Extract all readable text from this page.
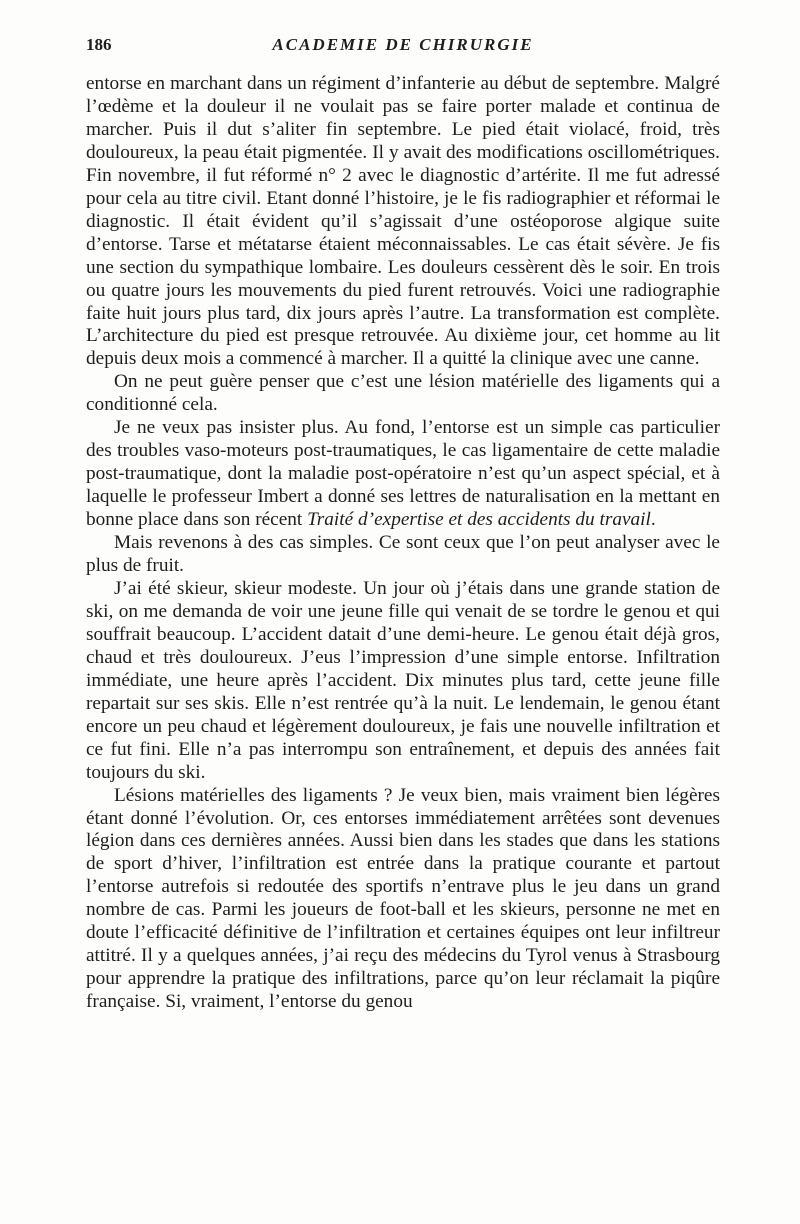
186	ACADEMIE DE CHIRURGIE

entorse en marchant dans un régiment d’infanterie au début de septembre. Malgré l’œdème et la douleur il ne voulait pas se faire porter malade et continua de marcher. Puis il dut s’aliter fin septembre. Le pied était violacé, froid, très douloureux, la peau était pigmentée. Il y avait des modifications oscillométriques. Fin novembre, il fut réformé n° 2 avec le diagnostic d’artérite. Il me fut adressé pour cela au titre civil. Etant donné l’histoire, je le fis radiographier et réformai le diagnostic. Il était évident qu’il s’agissait d’une ostéoporose algique suite d’entorse. Tarse et métatarse étaient méconnaissables. Le cas était sévère. Je fis une section du sympathique lombaire. Les douleurs cessèrent dès le soir. En trois ou quatre jours les mouvements du pied furent retrouvés. Voici une radiographie faite huit jours plus tard, dix jours après l’autre. La transformation est complète. L’architecture du pied est presque retrouvée. Au dixième jour, cet homme au lit depuis deux mois a commencé à marcher. Il a quitté la clinique avec une canne.

On ne peut guère penser que c’est une lésion matérielle des ligaments qui a conditionné cela.

Je ne veux pas insister plus. Au fond, l’entorse est un simple cas particulier des troubles vaso-moteurs post-traumatiques, le cas ligamentaire de cette maladie post-traumatique, dont la maladie post-opératoire n’est qu’un aspect spécial, et à laquelle le professeur Imbert a donné ses lettres de naturalisation en la mettant en bonne place dans son récent Traité d’expertise et des accidents du travail.

Mais revenons à des cas simples. Ce sont ceux que l’on peut analyser avec le plus de fruit.

J’ai été skieur, skieur modeste. Un jour où j’étais dans une grande station de ski, on me demanda de voir une jeune fille qui venait de se tordre le genou et qui souffrait beaucoup. L’accident datait d’une demi-heure. Le genou était déjà gros, chaud et très douloureux. J’eus l’impression d’une simple entorse. Infiltration immédiate, une heure après l’accident. Dix minutes plus tard, cette jeune fille repartait sur ses skis. Elle n’est rentrée qu’à la nuit. Le lendemain, le genou étant encore un peu chaud et légèrement douloureux, je fais une nouvelle infiltration et ce fut fini. Elle n’a pas interrompu son entraînement, et depuis des années fait toujours du ski.

Lésions matérielles des ligaments ? Je veux bien, mais vraiment bien légères étant donné l’évolution. Or, ces entorses immédiatement arrêtées sont devenues légion dans ces dernières années. Aussi bien dans les stades que dans les stations de sport d’hiver, l’infiltration est entrée dans la pratique courante et partout l’entorse autrefois si redoutée des sportifs n’entrave plus le jeu dans un grand nombre de cas. Parmi les joueurs de foot-ball et les skieurs, personne ne met en doute l’efficacité définitive de l’infiltration et certaines équipes ont leur infiltreur attitré. Il y a quelques années, j’ai reçu des médecins du Tyrol venus à Strasbourg pour apprendre la pratique des infiltrations, parce qu’on leur réclamait la piqûre française. Si, vraiment, l’entorse du genou
